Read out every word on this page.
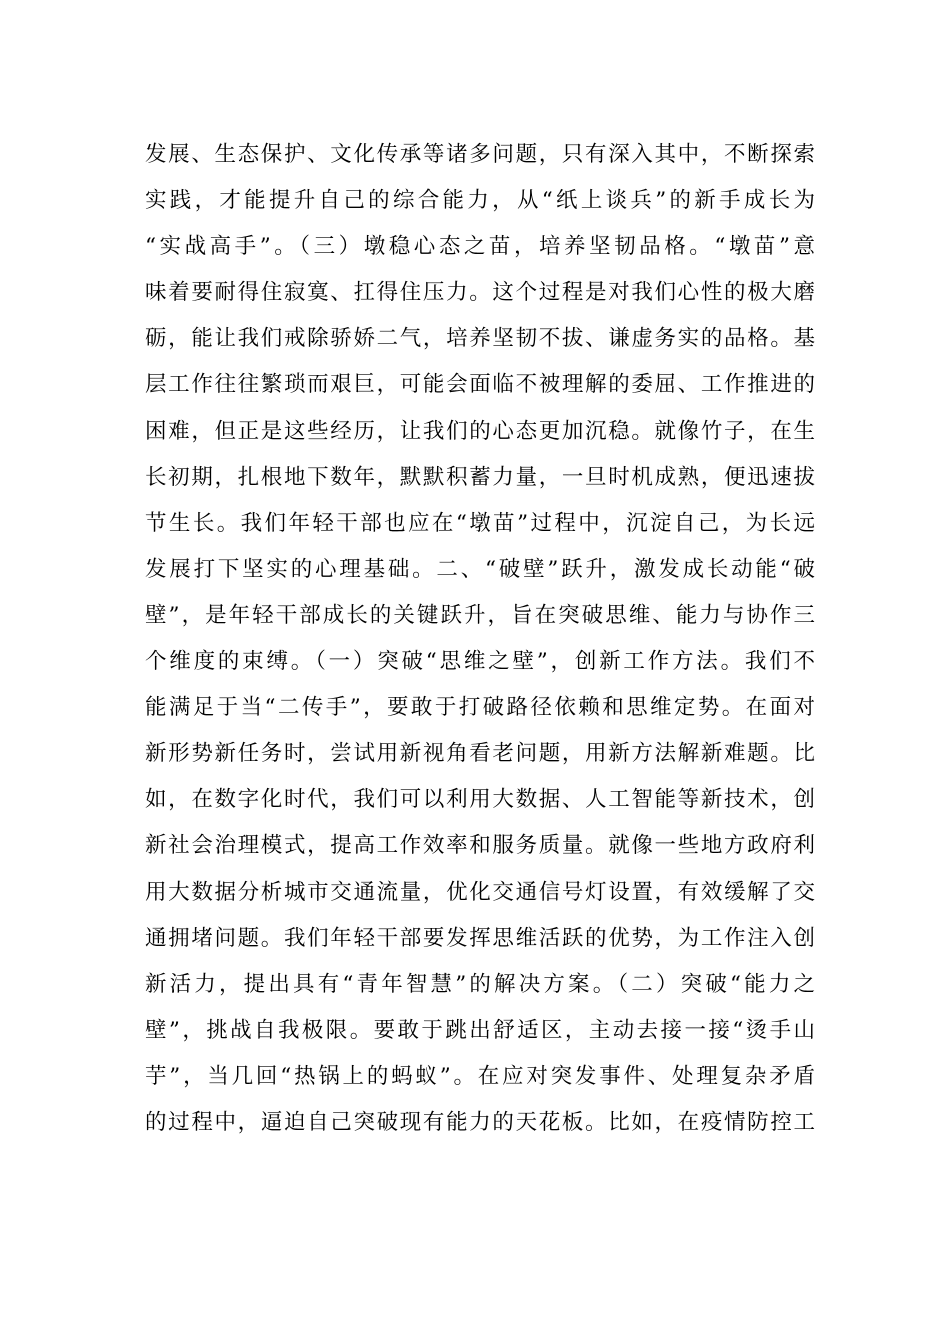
发展、生态保护、文化传承等诸多问题，只有深入其中，不断探索
实践，才能提升自己的综合能力，从“纸上谈兵”的新手成长为
“实战高手”。（三）墩稳心态之苗，培养坚韧品格。“墩苗”意
味着要耐得住寂寞、扛得住压力。这个过程是对我们心性的极大磨
砺，能让我们戒除骄娇二气，培养坚韧不拔、谦虚务实的品格。基
层工作往往繁琐而艰巨，可能会面临不被理解的委屈、工作推进的
困难，但正是这些经历，让我们的心态更加沉稳。就像竹子，在生
长初期，扎根地下数年，默默积蓄力量，一旦时机成熟，便迅速拔
节生长。我们年轻干部也应在“墩苗”过程中，沉淀自己，为长远
发展打下坚实的心理基础。二、“破壁”跃升，激发成长动能“破
壁”，是年轻干部成长的关键跃升，旨在突破思维、能力与协作三
个维度的束缚。（一）突破“思维之壁”，创新工作方法。我们不
能满足于当“二传手”，要敢于打破路径依赖和思维定势。在面对
新形势新任务时，尝试用新视角看老问题，用新方法解新难题。比
如，在数字化时代，我们可以利用大数据、人工智能等新技术，创
新社会治理模式，提高工作效率和服务质量。就像一些地方政府利
用大数据分析城市交通流量，优化交通信号灯设置，有效缓解了交
通拥堵问题。我们年轻干部要发挥思维活跃的优势，为工作注入创
新活力，提出具有“青年智慧”的解决方案。（二）突破“能力之
壁”，挑战自我极限。要敢于跳出舒适区，主动去接一接“烫手山
芋”，当几回“热锅上的蚂蚁”。在应对突发事件、处理复杂矛盾
的过程中，逼迫自己突破现有能力的天花板。比如，在疫情防控工
